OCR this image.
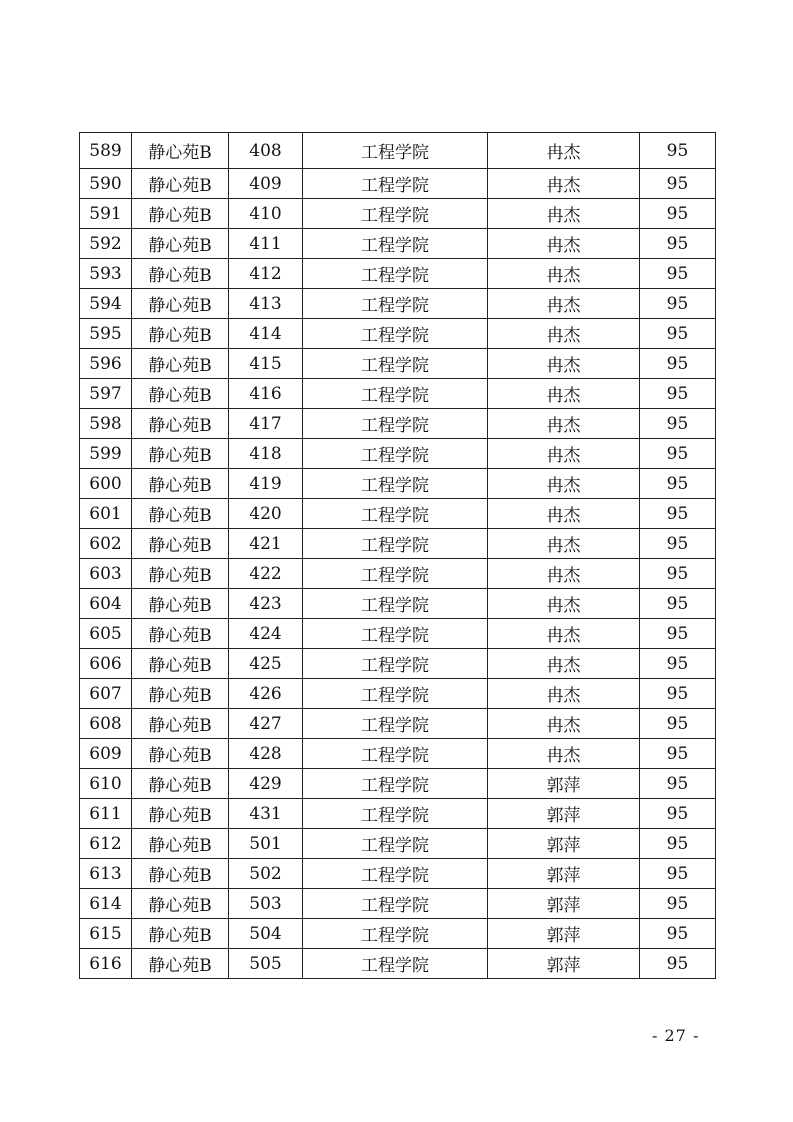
589	静心苑B	408	工程学院	冉杰	95
590	静心苑B	409	工程学院	冉杰	95
591	静心苑B	410	工程学院	冉杰	95
592	静心苑B	411	工程学院	冉杰	95
593	静心苑B	412	工程学院	冉杰	95
594	静心苑B	413	工程学院	冉杰	95
595	静心苑B	414	工程学院	冉杰	95
596	静心苑B	415	工程学院	冉杰	95
597	静心苑B	416	工程学院	冉杰	95
598	静心苑B	417	工程学院	冉杰	95
599	静心苑B	418	工程学院	冉杰	95
600	静心苑B	419	工程学院	冉杰	95
601	静心苑B	420	工程学院	冉杰	95
602	静心苑B	421	工程学院	冉杰	95
603	静心苑B	422	工程学院	冉杰	95
604	静心苑B	423	工程学院	冉杰	95
605	静心苑B	424	工程学院	冉杰	95
606	静心苑B	425	工程学院	冉杰	95
607	静心苑B	426	工程学院	冉杰	95
608	静心苑B	427	工程学院	冉杰	95
609	静心苑B	428	工程学院	冉杰	95
610	静心苑B	429	工程学院	郭萍	95
611	静心苑B	431	工程学院	郭萍	95
612	静心苑B	501	工程学院	郭萍	95
613	静心苑B	502	工程学院	郭萍	95
614	静心苑B	503	工程学院	郭萍	95
615	静心苑B	504	工程学院	郭萍	95
616	静心苑B	505	工程学院	郭萍	95
- 27 -
